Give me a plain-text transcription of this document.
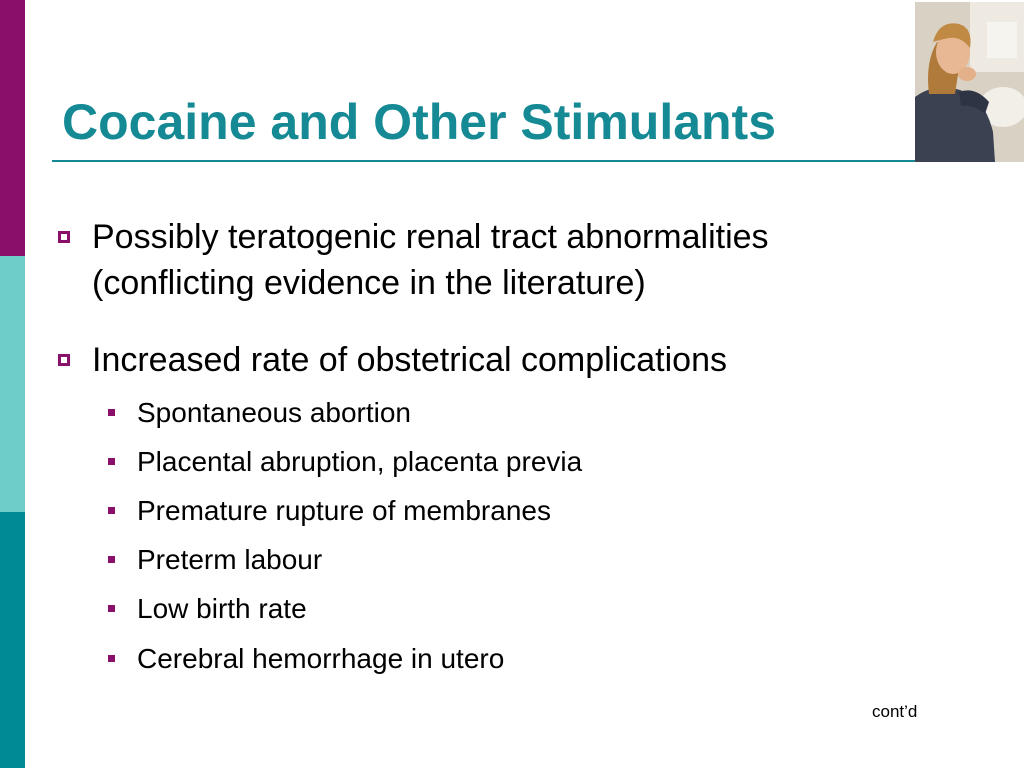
Cocaine and Other Stimulants
Possibly teratogenic renal tract abnormalities (conflicting evidence in the literature)
Increased rate of obstetrical complications
Spontaneous abortion
Placental abruption, placenta previa
Premature rupture of membranes
Preterm labour
Low birth rate
Cerebral hemorrhage in utero
cont’d
